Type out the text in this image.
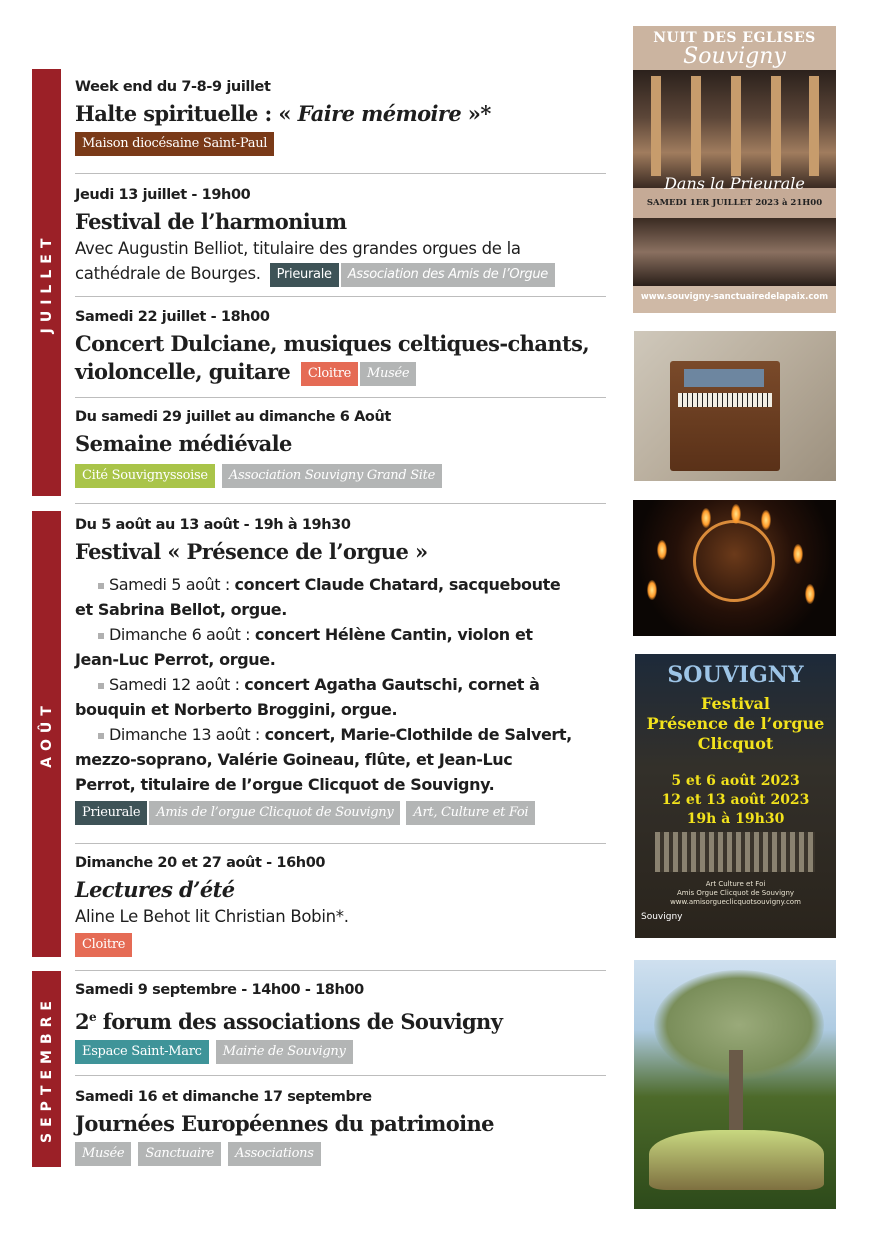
JUILLET
AOÛT
SEPTEMBRE
Week end du 7-8-9 juillet
Halte spirituelle : « Faire mémoire »*
Maison diocésaine Saint-Paul
Jeudi 13 juillet - 19h00
Festival de l’harmonium
Avec Augustin Belliot, titulaire des grandes orgues de la
cathédrale de Bourges. Prieurale Association des Amis de l’Orgue
Samedi 22 juillet - 18h00
Concert Dulciane, musiques celtiques-chants,
violoncelle, guitare Cloitre Musée
Du samedi 29 juillet au dimanche 6 Août
Semaine médiévale
Cité Souvignyssoise Association Souvigny Grand Site
Du 5 août au 13 août - 19h à 19h30
Festival « Présence de l’orgue »
Samedi 5 août : concert Claude Chatard, sacqueboute
et Sabrina Bellot, orgue.
Dimanche 6 août : concert Hélène Cantin, violon et
Jean-Luc Perrot, orgue.
Samedi 12 août : concert Agatha Gautschi, cornet à
bouquin et Norberto Broggini, orgue.
Dimanche 13 août : concert, Marie-Clothilde de Salvert,
mezzo-soprano, Valérie Goineau, flûte, et Jean-Luc
Perrot, titulaire de l’orgue Clicquot de Souvigny.
Prieurale Amis de l’orgue Clicquot de Souvigny Art, Culture et Foi
Dimanche 20 et 27 août - 16h00
Lectures d’été
Aline Le Behot lit Christian Bobin*.
Cloitre
Samedi 9 septembre - 14h00 - 18h00
2e forum des associations de Souvigny
Espace Saint-Marc Mairie de Souvigny
Samedi 16 et dimanche 17 septembre
Journées Européennes du patrimoine
Musée Sanctuaire Associations
NUIT DES EGLISES
Souvigny
Dans la Prieurale
SAMEDI 1ER JUILLET 2023 à 21H00
www.souvigny-sanctuairedelapaix.com
SOUVIGNY
Festival
Présence de l’orgue
Clicquot
5 et 6 août 2023
12 et 13 août 2023
19h à 19h30
Art Culture et Foi
Amis Orgue Clicquot de Souvigny
www.amisorgueclicquotsouvigny.com
Souvigny
